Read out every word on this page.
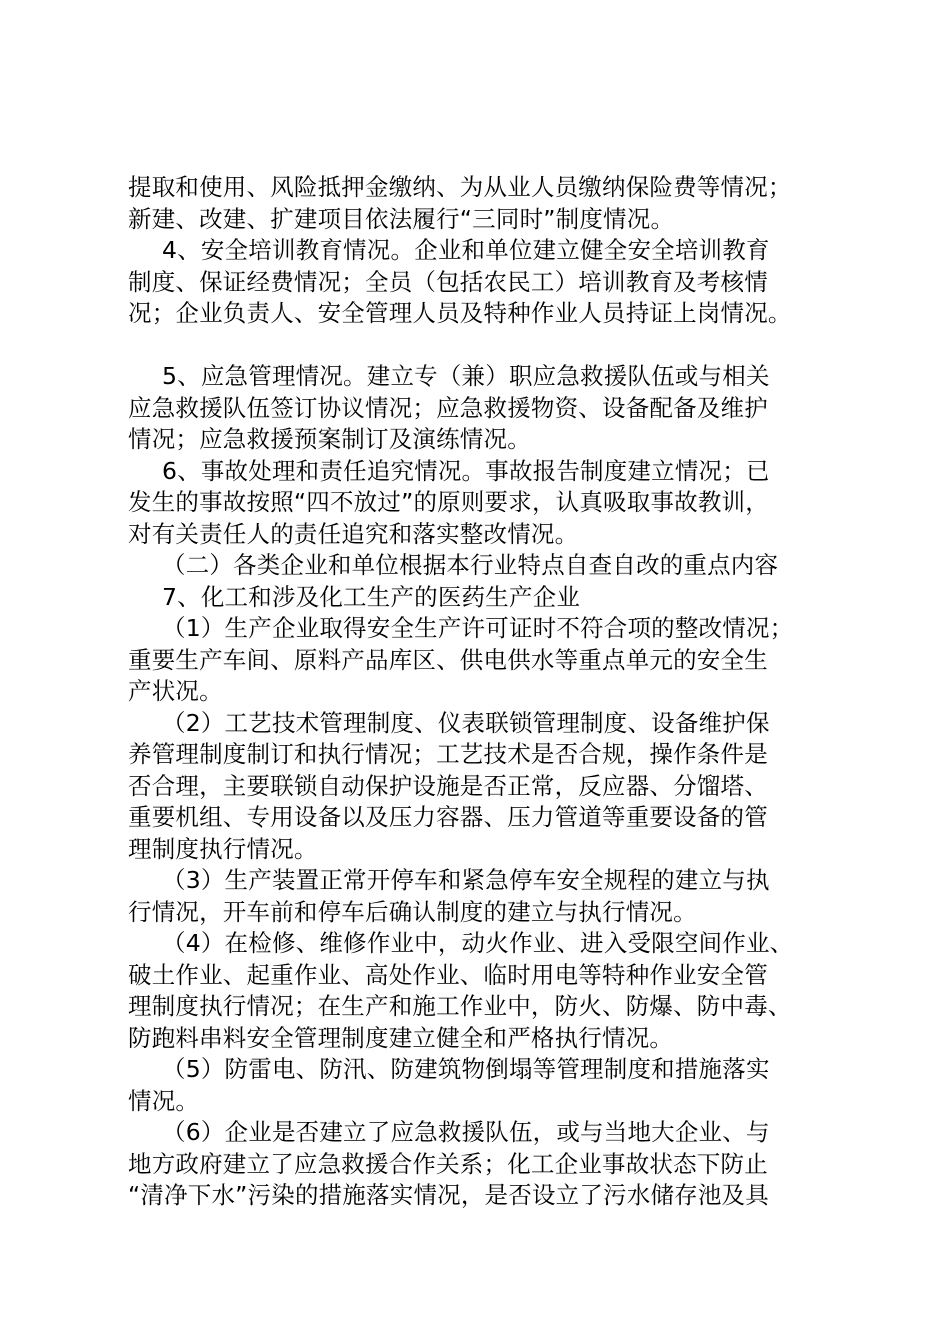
提取和使用、风险抵押金缴纳、为从业人员缴纳保险费等情况；
新建、改建、扩建项目依法履行“三同时”制度情况。
4、安全培训教育情况。企业和单位建立健全安全培训教育
制度、保证经费情况；全员（包括农民工）培训教育及考核情
况；企业负责人、安全管理人员及特种作业人员持证上岗情况。
5、应急管理情况。建立专（兼）职应急救援队伍或与相关
应急救援队伍签订协议情况；应急救援物资、设备配备及维护
情况；应急救援预案制订及演练情况。
6、事故处理和责任追究情况。事故报告制度建立情况；已
发生的事故按照“四不放过”的原则要求，认真吸取事故教训，
对有关责任人的责任追究和落实整改情况。
（二）各类企业和单位根据本行业特点自查自改的重点内容
7、化工和涉及化工生产的医药生产企业
（1）生产企业取得安全生产许可证时不符合项的整改情况；
重要生产车间、原料产品库区、供电供水等重点单元的安全生
产状况。
（2）工艺技术管理制度、仪表联锁管理制度、设备维护保
养管理制度制订和执行情况；工艺技术是否合规，操作条件是
否合理，主要联锁自动保护设施是否正常，反应器、分馏塔、
重要机组、专用设备以及压力容器、压力管道等重要设备的管
理制度执行情况。
（3）生产装置正常开停车和紧急停车安全规程的建立与执
行情况，开车前和停车后确认制度的建立与执行情况。
（4）在检修、维修作业中，动火作业、进入受限空间作业、
破土作业、起重作业、高处作业、临时用电等特种作业安全管
理制度执行情况；在生产和施工作业中，防火、防爆、防中毒、
防跑料串料安全管理制度建立健全和严格执行情况。
（5）防雷电、防汛、防建筑物倒塌等管理制度和措施落实
情况。
（6）企业是否建立了应急救援队伍，或与当地大企业、与
地方政府建立了应急救援合作关系；化工企业事故状态下防止
“清净下水”污染的措施落实情况，是否设立了污水储存池及具
